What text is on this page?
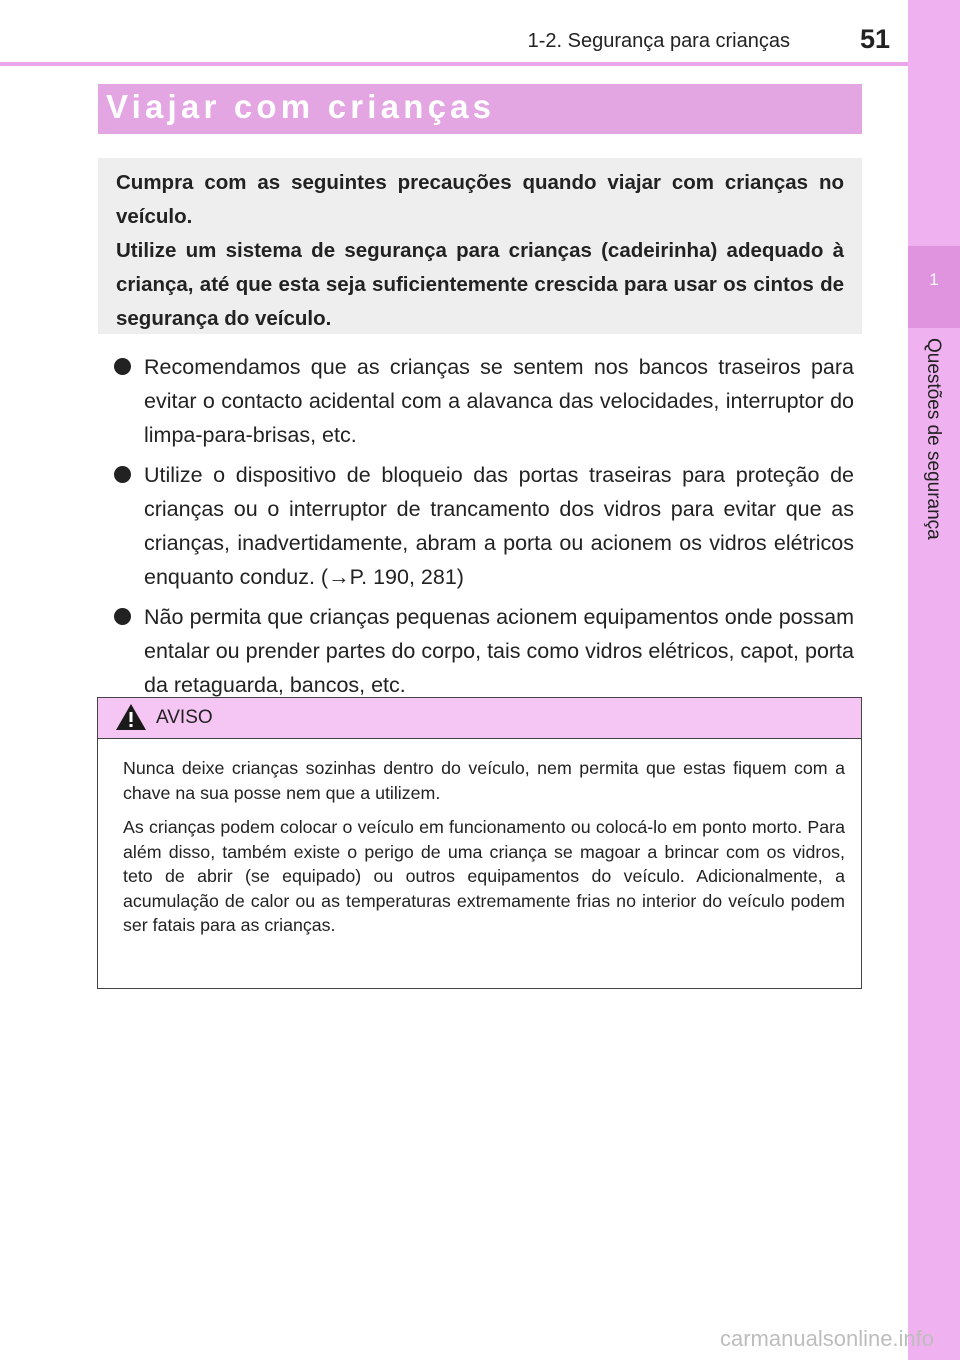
1-2. Segurança para crianças	51
1
Questões de segurança
Viajar com crianças

Cumpra com as seguintes precauções quando viajar com crianças no veículo.

Utilize um sistema de segurança para crianças (cadeirinha) adequado à criança, até que esta seja suficientemente crescida para usar os cintos de segurança do veículo.

Recomendamos que as crianças se sentem nos bancos traseiros para evitar o contacto acidental com a alavanca das velocidades, interruptor do limpa-para-brisas, etc.
Utilize o dispositivo de bloqueio das portas traseiras para proteção de crianças ou o interruptor de trancamento dos vidros para evitar que as crianças, inadvertidamente, abram a porta ou acionem os vidros elétricos enquanto conduz. (→P. 190, 281)
Não permita que crianças pequenas acionem equipamentos onde possam entalar ou prender partes do corpo, tais como vidros elétricos, capot, porta da retaguarda, bancos, etc.
AVISO

Nunca deixe crianças sozinhas dentro do veículo, nem permita que estas fiquem com a chave na sua posse nem que a utilizem.

As crianças podem colocar o veículo em funcionamento ou colocá-lo em ponto morto. Para além disso, também existe o perigo de uma criança se magoar a brincar com os vidros, teto de abrir (se equipado) ou outros equipamentos do veículo. Adicionalmente, a acumulação de calor ou as temperaturas extremamente frias no interior do veículo podem ser fatais para as crianças.

carmanualsonline.info
